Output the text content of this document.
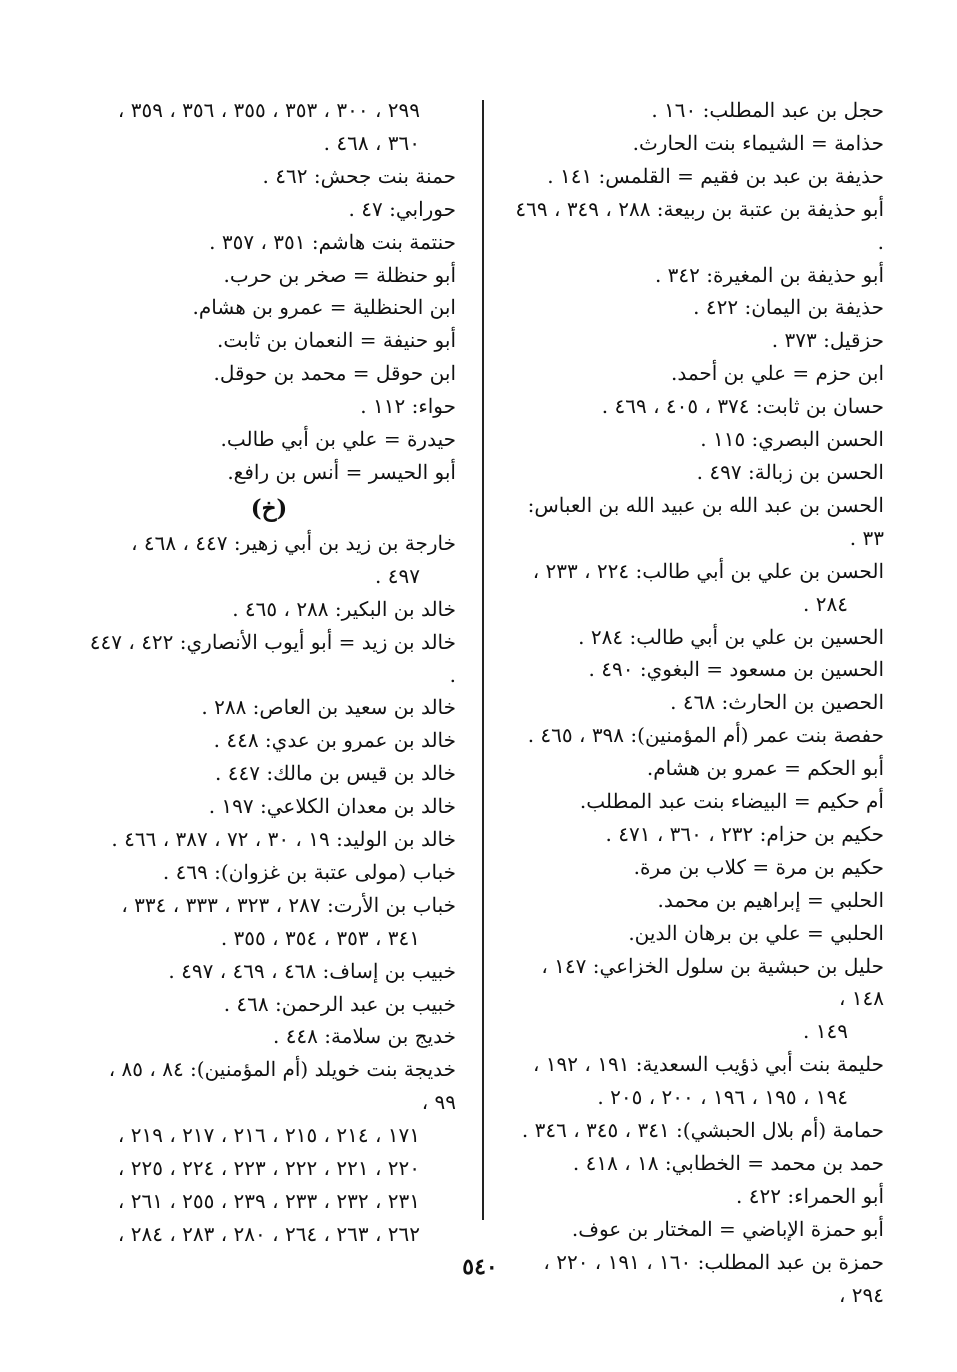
حجل بن عبد المطلب: ١٦٠ .
حذامة = الشيماء بنت الحارث.
حذيفة بن عبد بن فقيم = القلمس: ١٤١ .
أبو حذيفة بن عتبة بن ربيعة: ٢٨٨ ، ٣٤٩ ، ٤٦٩ .
أبو حذيفة بن المغيرة: ٣٤٢ .
حذيفة بن اليمان: ٤٢٢ .
حزقيل: ٣٧٣ .
ابن حزم = علي بن أحمد.
حسان بن ثابت: ٣٧٤ ، ٤٠٥ ، ٤٦٩ .
الحسن البصري: ١١٥ .
الحسن بن زبالة: ٤٩٧ .
الحسن بن عبد الله بن عبيد الله بن العباس: ٣٣ .
الحسن بن علي بن أبي طالب: ٢٢٤ ، ٢٣٣ ،
٢٨٤ .
الحسين بن علي بن أبي طالب: ٢٨٤ .
الحسين بن مسعود = البغوي: ٤٩٠ .
الحصين بن الحارث: ٤٦٨ .
حفصة بنت عمر (أم المؤمنين): ٣٩٨ ، ٤٦٥ .
أبو الحكم = عمرو بن هشام.
أم حكيم = البيضاء بنت عبد المطلب.
حكيم بن حزام: ٢٣٢ ، ٣٦٠ ، ٤٧١ .
حكيم بن مرة = كلاب بن مرة.
الحلبي = إبراهيم بن محمد.
الحلبي = علي بن برهان الدين.
حليل بن حبشية بن سلول الخزاعي: ١٤٧ ، ١٤٨ ،
١٤٩ .
حليمة بنت أبي ذؤيب السعدية: ١٩١ ، ١٩٢ ،
١٩٤ ، ١٩٥ ، ١٩٦ ، ٢٠٠ ، ٢٠٥ .
حمامة (أم بلال الحبشي): ٣٤١ ، ٣٤٥ ، ٣٤٦ .
حمد بن محمد = الخطابي: ١٨ ، ٤١٨ .
أبو الحمراء: ٤٢٢ .
أبو حمزة الإباضي = المختار بن عوف.
حمزة بن عبد المطلب: ١٦٠ ، ١٩١ ، ٢٢٠ ، ٢٩٤ ،
٢٩٩ ، ٣٠٠ ، ٣٥٣ ، ٣٥٥ ، ٣٥٦ ، ٣٥٩ ،
٣٦٠ ، ٤٦٨ .
حمنة بنت جحش: ٤٦٢ .
حورابي: ٤٧ .
حنتمة بنت هاشم: ٣٥١ ، ٣٥٧ .
أبو حنظلة = صخر بن حرب.
ابن الحنظلية = عمرو بن هشام.
أبو حنيفة = النعمان بن ثابت.
ابن حوقل = محمد بن حوقل.
حواء: ١١٢ .
حيدرة = علي بن أبي طالب.
أبو الحيسر = أنس بن رافع.
(خ)
خارجة بن زيد بن أبي زهير: ٤٤٧ ، ٤٦٨ ،
٤٩٧ .
خالد بن البكير: ٢٨٨ ، ٤٦٥ .
خالد بن زيد = أبو أيوب الأنصاري: ٤٢٢ ، ٤٤٧ .
خالد بن سعيد بن العاص: ٢٨٨ .
خالد بن عمرو بن عدي: ٤٤٨ .
خالد بن قيس بن مالك: ٤٤٧ .
خالد بن معدان الكلاعي: ١٩٧ .
خالد بن الوليد: ١٩ ، ٣٠ ، ٧٢ ، ٣٨٧ ، ٤٦٦ .
خباب (مولى عتبة بن غزوان): ٤٦٩ .
خباب بن الأرت: ٢٨٧ ، ٣٢٣ ، ٣٣٣ ، ٣٣٤ ،
٣٤١ ، ٣٥٣ ، ٣٥٤ ، ٣٥٥ .
خبيب بن إساف: ٤٦٨ ، ٤٦٩ ، ٤٩٧ .
خبيب بن عبد الرحمن: ٤٦٨ .
خديج بن سلامة: ٤٤٨ .
خديجة بنت خويلد (أم المؤمنين): ٨٤ ، ٨٥ ، ٩٩ ،
١٧١ ، ٢١٤ ، ٢١٥ ، ٢١٦ ، ٢١٧ ، ٢١٩ ،
٢٢٠ ، ٢٢١ ، ٢٢٢ ، ٢٢٣ ، ٢٢٤ ، ٢٢٥ ،
٢٣١ ، ٢٣٢ ، ٢٣٣ ، ٢٣٩ ، ٢٥٥ ، ٢٦١ ،
٢٦٢ ، ٢٦٣ ، ٢٦٤ ، ٢٨٠ ، ٢٨٣ ، ٢٨٤ ،
٥٤٠
